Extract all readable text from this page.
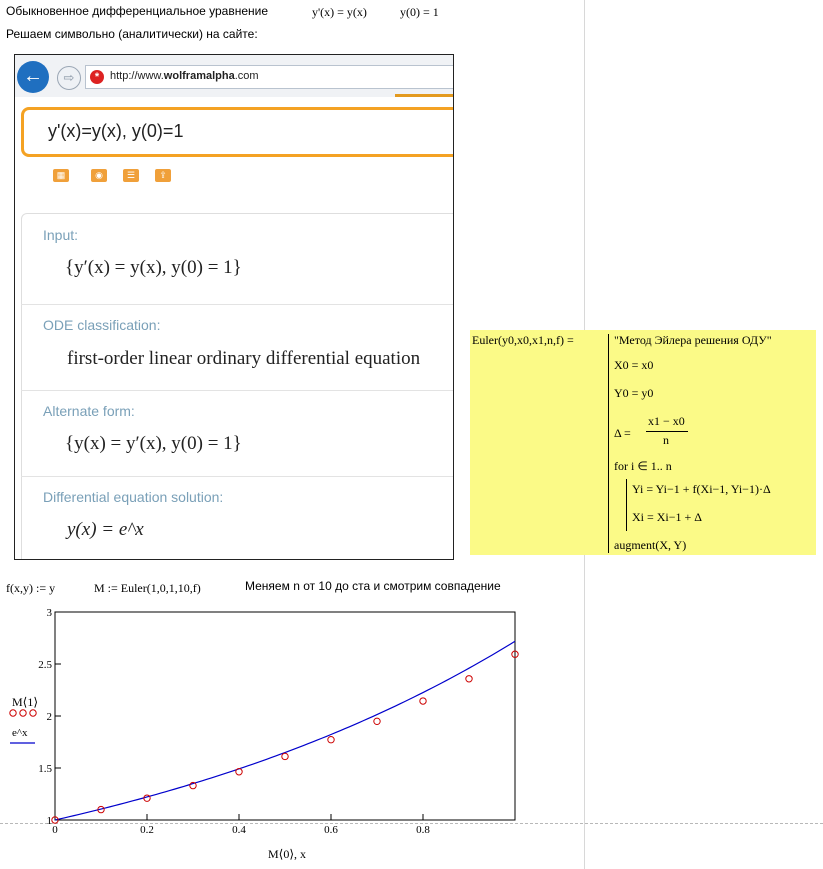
Обыкновенное дифференциальное уравнение	y'(x) = y(x)	y(0) = 1
Решаем символьно (аналитически) на сайте:
←	⇨	* http://www.wolframalpha.com
y'(x)=y(x), y(0)=1
▦	◉	☰	⇪
Input:
{y′(x) = y(x), y(0) = 1}
ODE classification:
first-order linear ordinary differential equation
Alternate form:
{y(x) = y′(x), y(0) = 1}
Differential equation solution:
y(x) = e^x
Euler(y0,x0,x1,n,f) =	"Метод Эйлера решения ОДУ"
X0 = x0
Y0 = y0
Δ =
x1 − x0
n
for i ∈ 1.. n
Yi = Yi−1 + f(Xi−1, Yi−1)·Δ
Xi = Xi−1 + Δ
augment(X, Y)
f(x,y) := y	M := Euler(1,0,1,10,f)	Меняем n от 10 до ста и смотрим совпадение
0	0.2	0.4	0.6	0.8
1
1.5
2
2.5
3
M⟨1⟩
e^x
M⟨0⟩, x
